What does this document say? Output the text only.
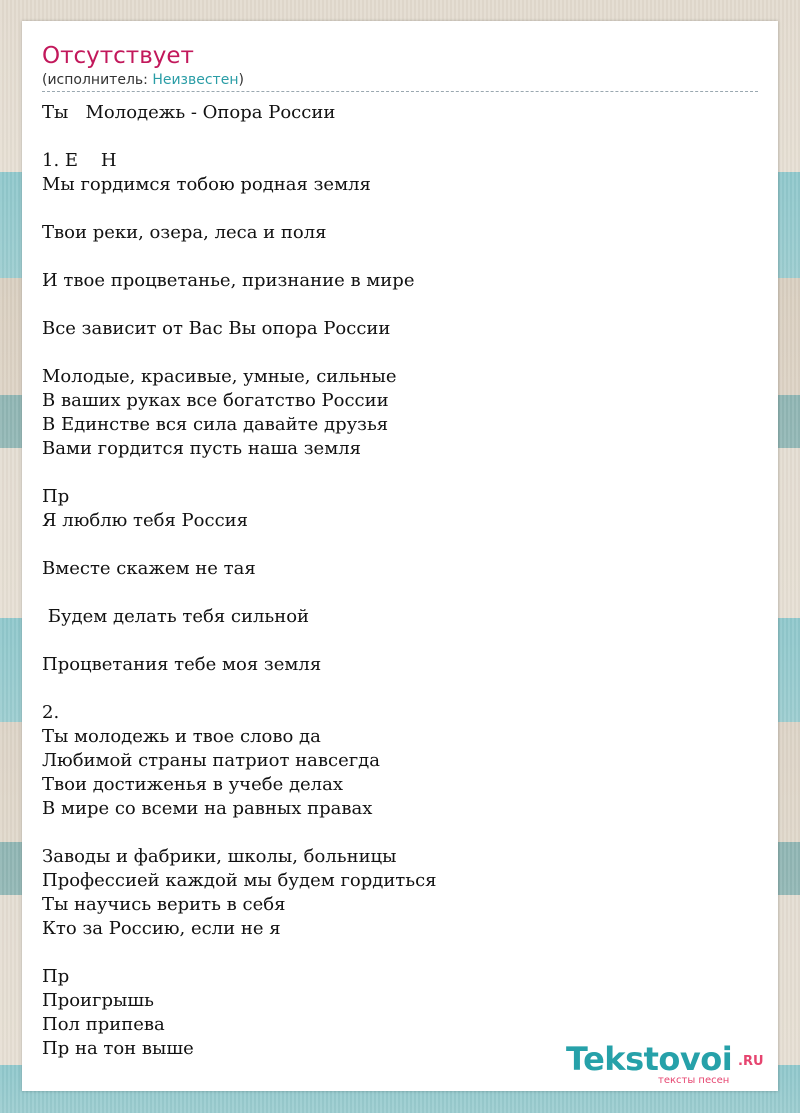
Отсутствует
(исполнитель: Неизвестен)
Ты   Молодежь - Опора России

1. Е    Н
Мы гордимся тобою родная земля

Твои реки, озера, леса и поля

И твое процветанье, признание в мире

Все зависит от Вас Вы опора России

Молодые, красивые, умные, сильные
В ваших руках все богатство России
В Единстве вся сила давайте друзья
Вами гордится пусть наша земля

Пр
Я люблю тебя Россия

Вместе скажем не тая

Будем делать тебя сильной

Процветания тебе моя земля

2.
Ты молодежь и твое слово да
Любимой страны патриот навсегда
Твои достиженья в учебе делах
В мире со всеми на равных правах

Заводы и фабрики, школы, больницы
Профессией каждой мы будем гордиться
Ты научись верить в себя
Кто за Россию, если не я

Пр
Проигрышь
Пол припева
Пр на тон выше	Tekstovoi .RU
тексты песен
